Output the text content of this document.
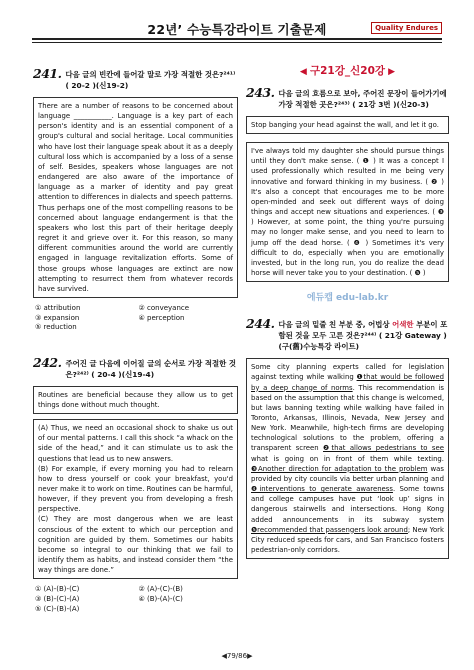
22년’ 수능특강라이트 기출문제	Quality Endures
241. 다음 글의 빈칸에 들어갈 말로 가장 적절한 것은?²⁴¹⁾ ( 20-2 )(신19-2)

There are a number of reasons to be concerned about language ___________. Language is a key part of each person's identity and is an essential component of a group's cultural and social heritage. Local communities who have lost their language speak about it as a deeply cultural loss which is accompanied by a loss of a sense of self. Besides, speakers whose languages are not endangered are also aware of the importance of language as a marker of identity and pay great attention to differences in dialects and speech patterns. Thus perhaps one of the most compelling reasons to be concerned about language endangerment is that the speakers who lost this part of their heritage deeply regret it and grieve over it. For this reason, so many different communities around the world are currently engaged in language revitalization efforts. Some of those groups whose languages are extinct are now attempting to resurrect them from whatever records have survived.

① attribution	② conveyance
③ expansion	④ perception
⑤ reduction
242. 주어진 글 다음에 이어질 글의 순서로 가장 적절한 것은?²⁴²⁾ ( 20-4 )(신19-4)

Routines are beneficial because they allow us to get things done without much thought.

(A) Thus, we need an occasional shock to shake us out of our mental patterns. I call this shock “a whack on the side of the head,” and it can stimulate us to ask the questions that lead us to new answers.

(B) For example, if every morning you had to relearn how to dress yourself or cook your breakfast, you'd never make it to work on time. Routines can be harmful, however, if they prevent you from developing a fresh perspective.

(C) They are most dangerous when we are least conscious of the extent to which our perception and cognition are guided by them. Sometimes our habits become so integral to our thinking that we fail to identify them as habits, and instead consider them “the way things are done.”

① (A)-(B)-(C)	② (A)-(C)-(B)
③ (B)-(C)-(A)	④ (B)-(A)-(C)
⑤ (C)-(B)-(A)
◀ 구21강_신20강 ▶
243. 다음 글의 흐름으로 보아, 주어진 문장이 들어가기에 가장 적절한 곳은?²⁴³⁾ ( 21강 3번 )(신20-3)

Stop banging your head against the wall, and let it go.

I've always told my daughter she should pursue things until they don't make sense. ( ❶ ) It was a concept I used professionally which resulted in me being very innovative and forward thinking in my business. ( ❷ ) It's also a concept that encourages me to be more open-minded and seek out different ways of doing things and accept new situations and experiences. ( ❸ ) However, at some point, the thing you're pursuing may no longer make sense, and you need to learn to jump off the dead horse. ( ❹ ) Sometimes it's very difficult to do, especially when you are emotionally invested, but in the long run, you do realize the dead horse will never take you to your destination. ( ❺ )

에듀캡 edu-lab.kr
244. 다음 글의 밑줄 친 부분 중, 어법상 어색한 부분이 포함된 것을 모두 고른 것은?²⁴⁴⁾ ( 21강 Gateway ) (구(舊)수능특강 라이트)

Some city planning experts called for legislation against texting while walking ❶that would be followed by a deep change of norms. This recommendation is based on the assumption that this change is welcomed, but laws banning texting while walking have failed in Toronto, Arkansas, Illinois, Nevada, New Jersey and New York. Meanwhile, high-tech firms are developing technological solutions to the problem, offering a transparent screen ❷that allows pedestrians to see what is going on in front of them while texting. ❸Another direction for adaptation to the problem was provided by city councils via better urban planning and ❹interventions to generate awareness. Some towns and college campuses have put ‘look up’ signs in dangerous stairwells and intersections. Hong Kong added announcements in its subway system ❺recommended that passengers look around; New York City reduced speeds for cars, and San Francisco fosters pedestrian-only corridors.

◀79/86▶
